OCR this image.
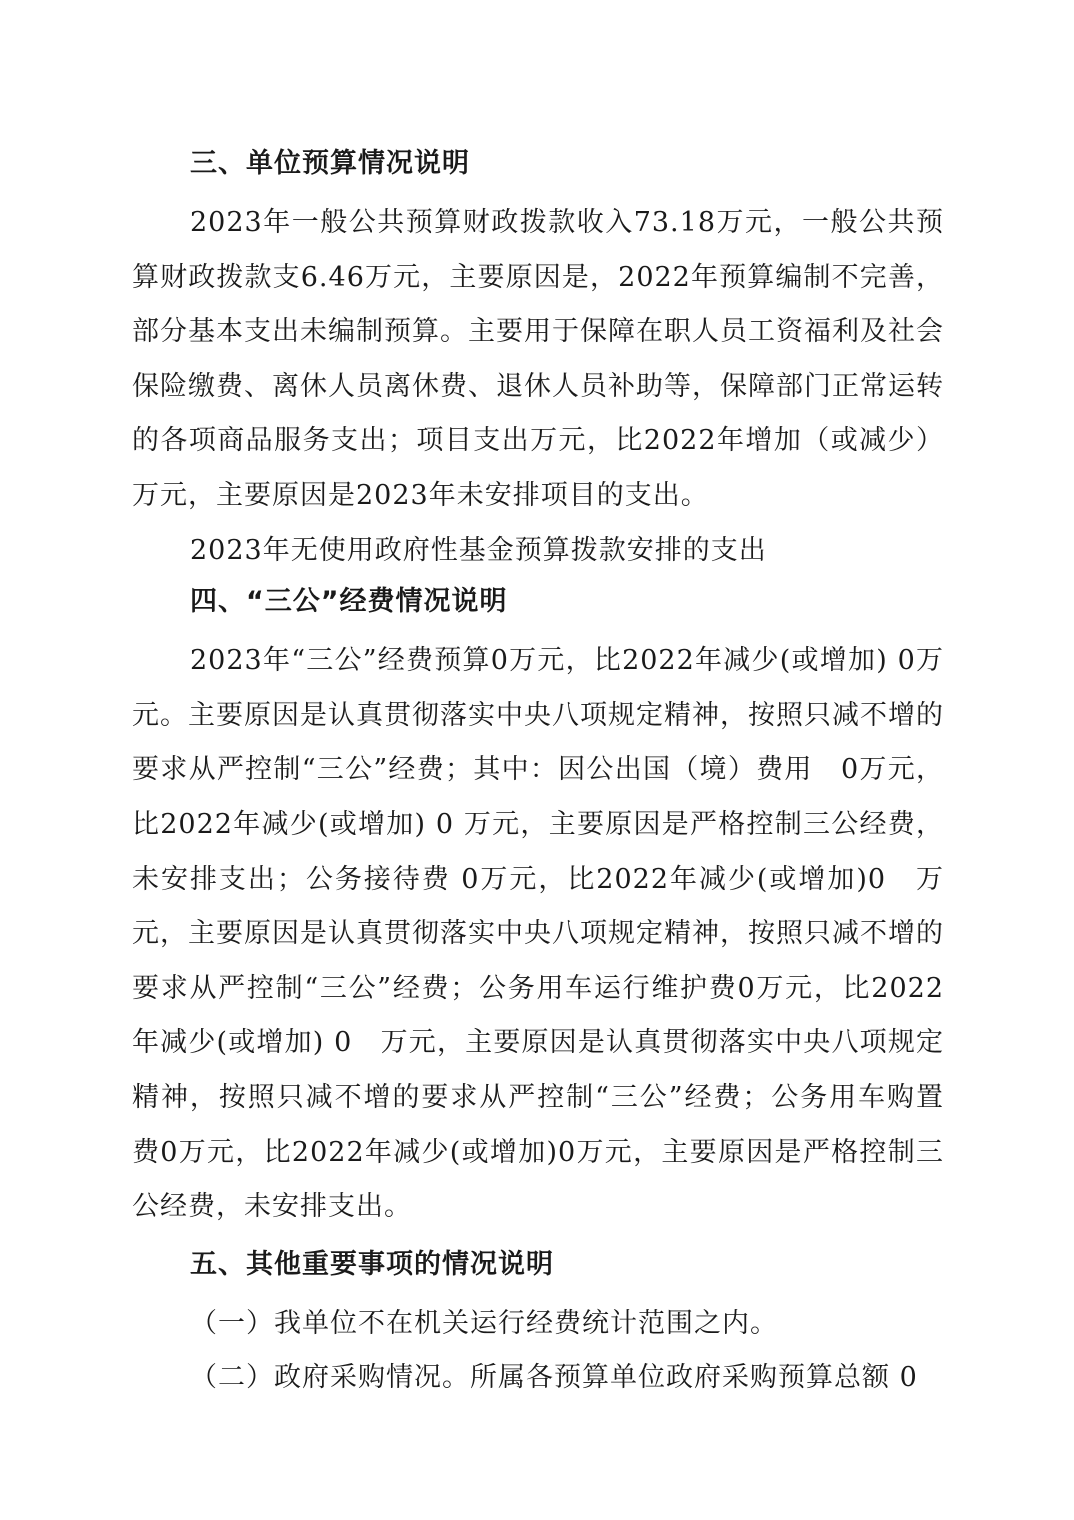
三、单位预算情况说明

2023年一般公共预算财政拨款收入73.18万元，一般公共预算财政拨款支6.46万元，主要原因是，2022年预算编制不完善，部分基本支出未编制预算。主要用于保障在职人员工资福利及社会保险缴费、离休人员离休费、退休人员补助等，保障部门正常运转的各项商品服务支出；项目支出万元，比2022年增加（或减少）万元，主要原因是2023年未安排项目的支出。

2023年无使用政府性基金预算拨款安排的支出

四、“三公”经费情况说明

2023年“三公”经费预算0万元，比2022年减少(或增加) 0万元。主要原因是认真贯彻落实中央八项规定精神，按照只减不增的要求从严控制“三公”经费；其中：因公出国（境）费用　0万元，比2022年减少(或增加) 0 万元，主要原因是严格控制三公经费，未安排支出；公务接待费 0万元，比2022年减少(或增加)0　万元，主要原因是认真贯彻落实中央八项规定精神，按照只减不增的要求从严控制“三公”经费；公务用车运行维护费0万元，比2022年减少(或增加) 0　万元，主要原因是认真贯彻落实中央八项规定精神，按照只减不增的要求从严控制“三公”经费；公务用车购置费0万元，比2022年减少(或增加)0万元，主要原因是严格控制三公经费，未安排支出。

五、其他重要事项的情况说明

（一）我单位不在机关运行经费统计范围之内。

（二）政府采购情况。所属各预算单位政府采购预算总额 0
